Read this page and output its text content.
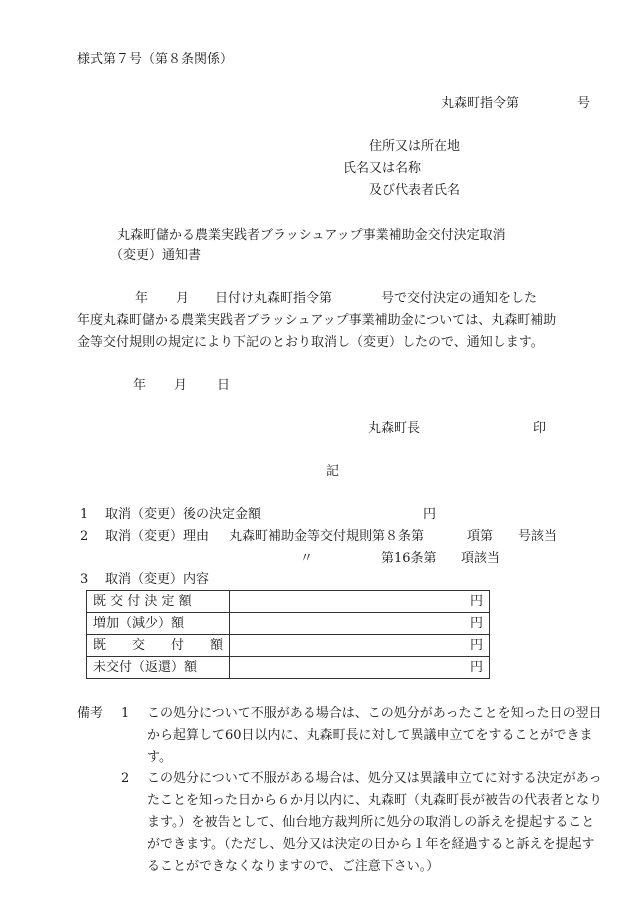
様式第７号（第８条関係）
丸森町指令第	号
住所又は所在地
氏名又は名称
及び代表者氏名
丸森町儲かる農業実践者ブラッシュアップ事業補助金交付決定取消
（変更）通知書
年 月 日付け丸森町指令第	号で交付決定の通知をした
年度丸森町儲かる農業実践者ブラッシュアップ事業補助金については、丸森町補助
金等交付規則の規定により下記のとおり取消し（変更）したので、通知します。
年 月 日
丸森町長	印
記
1 取消（変更）後の決定金額	円
2 取消（変更）理由 丸森町補助金等交付規則第８条第	項第 号該当
〃	第16条第 項該当
3 取消（変更）内容
既 交 付 決 定 額	円
増加（減少）額	円
既　　交　　付　　額	円
未交付（返還）額	円
備考 1 この処分について不服がある場合は、この処分があったことを知った日の翌日から起算して60日以内に、丸森町長に対して異議申立てをすることができます。
2 この処分について不服がある場合は、処分又は異議申立てに対する決定があったことを知った日から６か月以内に、丸森町（丸森町長が被告の代表者となります。）を被告として、仙台地方裁判所に処分の取消しの訴えを提起することができます。（ただし、処分又は決定の日から１年を経過すると訴えを提起することができなくなりますので、ご注意下さい。）
